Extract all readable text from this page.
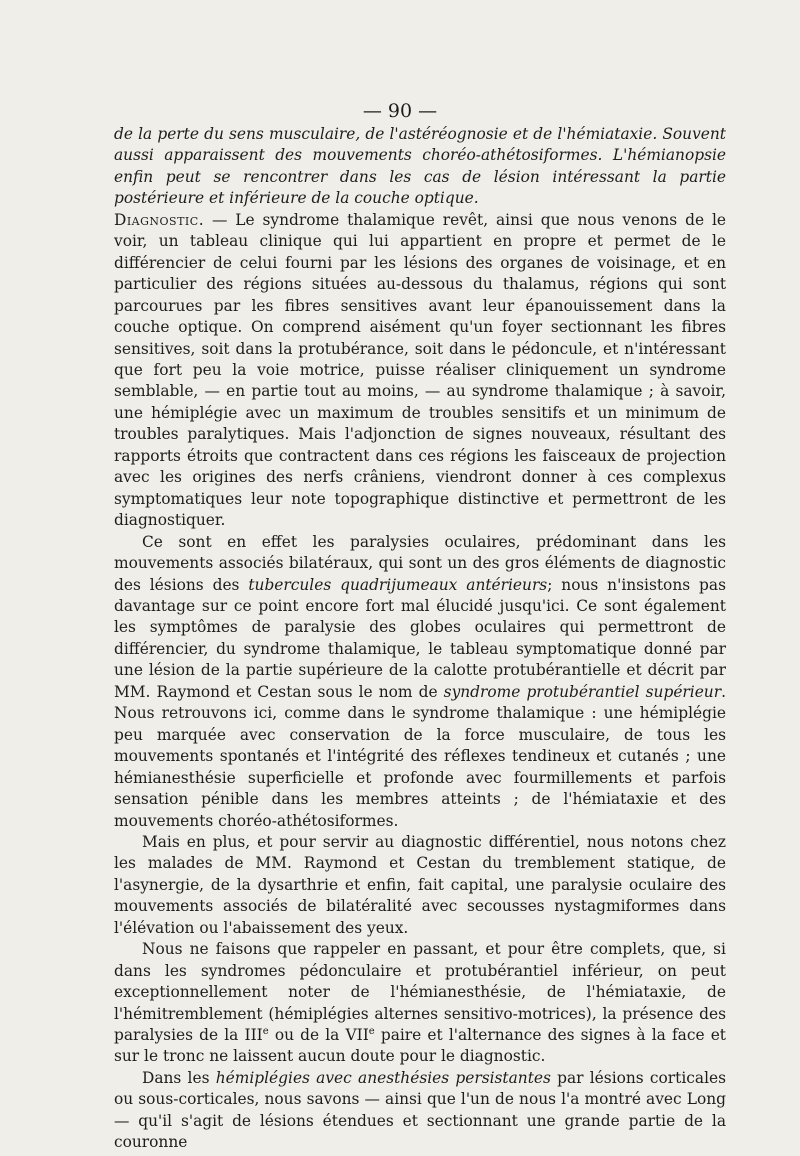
— 90 —

de la perte du sens musculaire, de l'astéréognosie et de l'hémiataxie. Souvent aussi apparaissent des mouvements choréo-athétosiformes. L'hémianopsie enfin peut se rencontrer dans les cas de lésion intéressant la partie postérieure et inférieure de la couche optique.

Diagnostic. — Le syndrome thalamique revêt, ainsi que nous venons de le voir, un tableau clinique qui lui appartient en propre et permet de le différencier de celui fourni par les lésions des organes de voisinage, et en particulier des régions situées au-dessous du thalamus, régions qui sont parcourues par les fibres sensitives avant leur épanouissement dans la couche optique. On comprend aisément qu'un foyer sectionnant les fibres sensitives, soit dans la protubérance, soit dans le pédoncule, et n'intéressant que fort peu la voie motrice, puisse réaliser cliniquement un syndrome semblable, — en partie tout au moins, — au syndrome thalamique ; à savoir, une hémiplégie avec un maximum de troubles sensitifs et un minimum de troubles paralytiques. Mais l'adjonction de signes nouveaux, résultant des rapports étroits que contractent dans ces régions les faisceaux de projection avec les origines des nerfs crâniens, viendront donner à ces complexus symptomatiques leur note topographique distinctive et permettront de les diagnostiquer.

Ce sont en effet les paralysies oculaires, prédominant dans les mouvements associés bilatéraux, qui sont un des gros éléments de diagnostic des lésions des tubercules quadrijumeaux antérieurs; nous n'insistons pas davantage sur ce point encore fort mal élucidé jusqu'ici. Ce sont également les symptômes de paralysie des globes oculaires qui permettront de différencier, du syndrome thalamique, le tableau symptomatique donné par une lésion de la partie supérieure de la calotte protubérantielle et décrit par MM. Raymond et Cestan sous le nom de syndrome protubérantiel supérieur. Nous retrouvons ici, comme dans le syndrome thalamique : une hémiplégie peu marquée avec conservation de la force musculaire, de tous les mouvements spontanés et l'intégrité des réflexes tendineux et cutanés ; une hémianesthésie superficielle et profonde avec fourmillements et parfois sensation pénible dans les membres atteints ; de l'hémiataxie et des mouvements choréo-athétosiformes.

Mais en plus, et pour servir au diagnostic différentiel, nous notons chez les malades de MM. Raymond et Cestan du tremblement statique, de l'asynergie, de la dysarthrie et enfin, fait capital, une paralysie oculaire des mouvements associés de bilatéralité avec secousses nystagmiformes dans l'élévation ou l'abaissement des yeux.

Nous ne faisons que rappeler en passant, et pour être complets, que, si dans les syndromes pédonculaire et protubérantiel inférieur, on peut exceptionnellement noter de l'hémianesthésie, de l'hémiataxie, de l'hémitremblement (hémiplégies alternes sensitivo-motrices), la présence des paralysies de la IIIe ou de la VIIe paire et l'alternance des signes à la face et sur le tronc ne laissent aucun doute pour le diagnostic.

Dans les hémiplégies avec anesthésies persistantes par lésions corticales ou sous-corticales, nous savons — ainsi que l'un de nous l'a montré avec Long — qu'il s'agit de lésions étendues et sectionnant une grande partie de la couronne
